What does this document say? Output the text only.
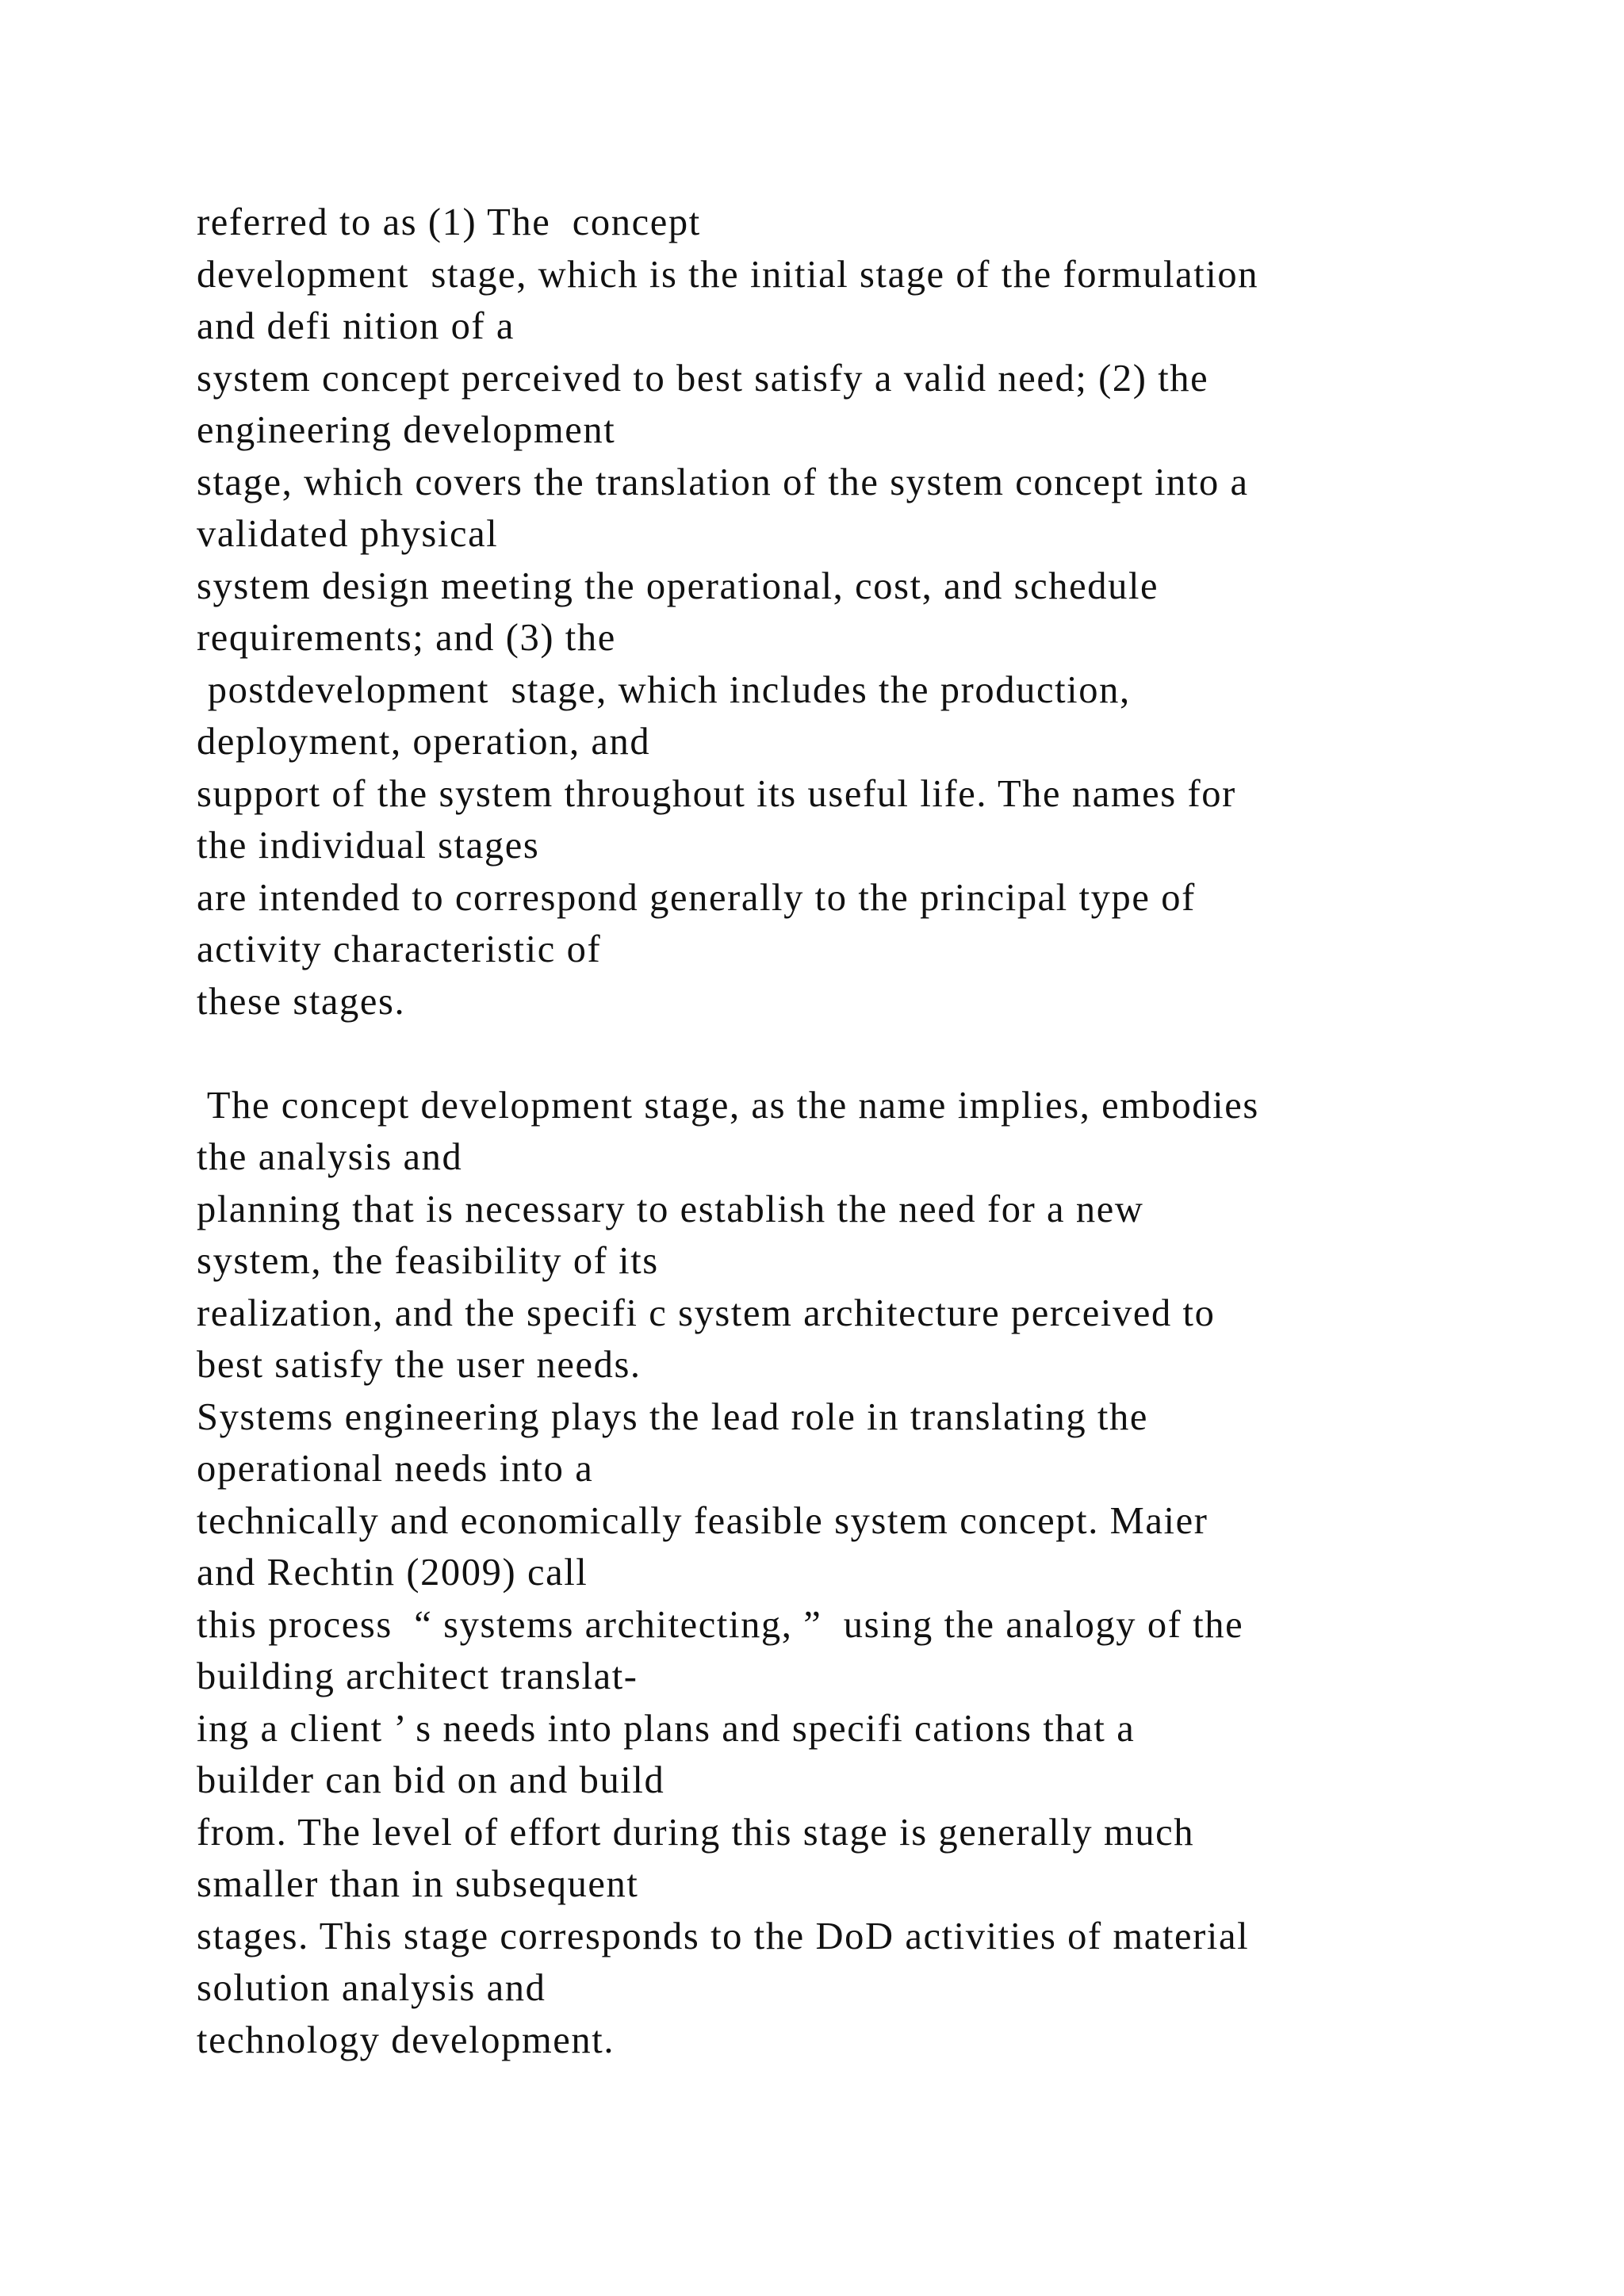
referred to as (1) The  concept
development  stage, which is the initial stage of the formulation
and defi nition of a
system concept perceived to best satisfy a valid need; (2) the
engineering development
stage, which covers the translation of the system concept into a
validated physical
system design meeting the operational, cost, and schedule
requirements; and (3) the
postdevelopment  stage, which includes the production,
deployment, operation, and
support of the system throughout its useful life. The names for
the individual stages
are intended to correspond generally to the principal type of
activity characteristic of
these stages.
The concept development stage, as the name implies, embodies
the analysis and
planning that is necessary to establish the need for a new
system, the feasibility of its
realization, and the specifi c system architecture perceived to
best satisfy the user needs.
Systems engineering plays the lead role in translating the
operational needs into a
technically and economically feasible system concept. Maier
and Rechtin (2009) call
this process  “ systems architecting, ”  using the analogy of the
building architect translat-
ing a client ’ s needs into plans and specifi cations that a
builder can bid on and build
from. The level of effort during this stage is generally much
smaller than in subsequent
stages. This stage corresponds to the DoD activities of material
solution analysis and
technology development.
